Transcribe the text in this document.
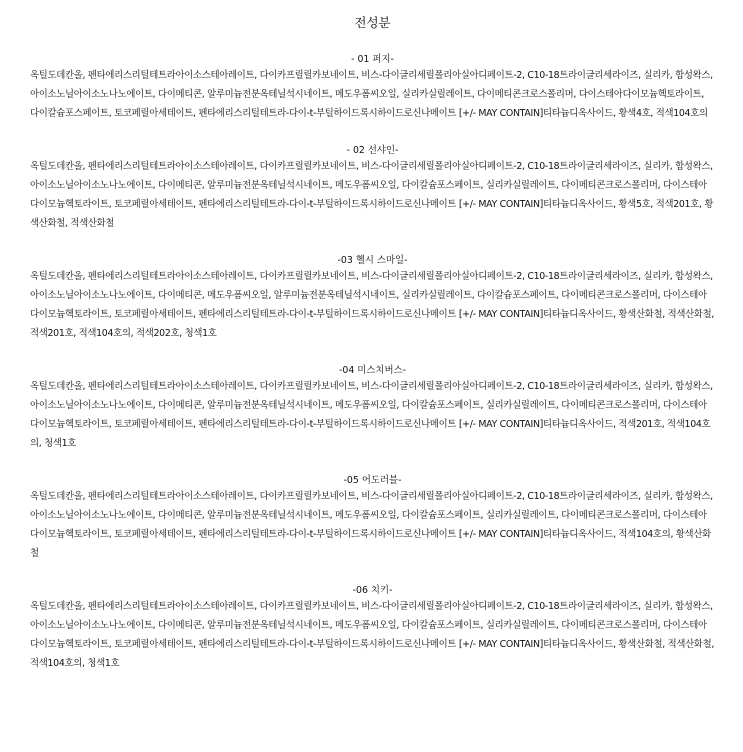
전성분
- 01 퍼지-

옥틸도데칸올, 펜타에리스리틸테트라아이소스테아레이트, 다이카프릴릴카보네이트, 비스-다이글리세릴폴리아실아디페이트-2, C10-18트라이글리세라이즈, 실리카, 합성왁스, 아이소노닐아이소노나노에이트, 다이메티콘, 알루미늄전분옥테닐석시네이트, 메도우폼씨오일, 실리카실릴레이트, 다이메티콘크로스폴리머, 다이스테아다이모늄헥토라이트, 다이칼슘포스페이트, 토코페릴아세테이트, 펜타에리스리틸테트라-다이-t-부틸하이드록시하이드로신나메이트 [+/- MAY CONTAIN]티타늄디옥사이드, 황색4호, 적색104호의

- 02 선샤인-

옥틸도데칸올, 펜타에리스리틸테트라아이소스테아레이트, 다이카프릴릴카보네이트, 비스-다이글리세릴폴리아실아디페이트-2, C10-18트라이글리세라이즈, 실리카, 합성왁스, 아이소노닐아이소노나노에이트, 다이메티콘, 알루미늄전분옥테닐석시네이트, 메도우폼씨오일, 다이칼슘포스페이트, 실리카실릴레이트, 다이메티콘크로스폴리머, 다이스테아다이모늄헥토라이트, 토코페릴아세테이트, 펜타에리스리틸테트라-다이-t-부틸하이드록시하이드로신나메이트 [+/- MAY CONTAIN]티타늄디옥사이드, 황색5호, 적색201호, 황색산화철, 적색산화철

-03 헬시 스마일-

옥틸도데칸올, 펜타에리스리틸테트라아이소스테아레이트, 다이카프릴릴카보네이트, 비스-다이글리세릴폴리아실아디페이트-2, C10-18트라이글리세라이즈, 실리카, 합성왁스, 아이소노닐아이소노나노에이트, 다이메티콘, 메도우폼씨오일, 알루미늄전분옥테닐석시네이트, 실리카실릴레이트, 다이칼슘포스페이트, 다이메티콘크로스폴리머, 다이스테아다이모늄헥토라이트, 토코페릴아세테이트, 펜타에리스리틸테트라-다이-t-부틸하이드록시하이드로신나메이트 [+/- MAY CONTAIN]티타늄디옥사이드, 황색산화철, 적색산화철, 적색201호, 적색104호의, 적색202호, 청색1호

-04 미스치버스-

옥틸도데칸올, 펜타에리스리틸테트라아이소스테아레이트, 다이카프릴릴카보네이트, 비스-다이글리세릴폴리아실아디페이트-2, C10-18트라이글리세라이즈, 실리카, 합성왁스, 아이소노닐아이소노나노에이트, 다이메티콘, 알루미늄전분옥테닐석시네이트, 메도우폼씨오일, 다이칼슘포스페이트, 실리카실릴레이트, 다이메티콘크로스폴리머, 다이스테아다이모늄헥토라이트, 토코페릴아세테이트, 펜타에리스리틸테트라-다이-t-부틸하이드록시하이드로신나메이트 [+/- MAY CONTAIN]티타늄디옥사이드, 적색201호, 적색104호의, 청색1호

-05 어도러블-

옥틸도데칸올, 펜타에리스리틸테트라아이소스테아레이트, 다이카프릴릴카보네이트, 비스-다이글리세릴폴리아실아디페이트-2, C10-18트라이글리세라이즈, 실리카, 합성왁스, 아이소노닐아이소노나노에이트, 다이메티콘, 알루미늄전분옥테닐석시네이트, 메도우폼씨오일, 다이칼슘포스페이트, 실리카실릴레이트, 다이메티콘크로스폴리머, 다이스테아다이모늄헥토라이트, 토코페릴아세테이트, 펜타에리스리틸테트라-다이-t-부틸하이드록시하이드로신나메이트 [+/- MAY CONTAIN]티타늄디옥사이드, 적색104호의, 황색산화철

-06 치키-

옥틸도데칸올, 펜타에리스리틸테트라아이소스테아레이트, 다이카프릴릴카보네이트, 비스-다이글리세릴폴리아실아디페이트-2, C10-18트라이글리세라이즈, 실리카, 합성왁스, 아이소노닐아이소노나노에이트, 다이메티콘, 알루미늄전분옥테닐석시네이트, 메도우폼씨오일, 다이칼슘포스페이트, 실리카실릴레이트, 다이메티콘크로스폴리머, 다이스테아다이모늄헥토라이트, 토코페릴아세테이트, 펜타에리스리틸테트라-다이-t-부틸하이드록시하이드로신나메이트 [+/- MAY CONTAIN]티타늄디옥사이드, 황색산화철, 적색산화철, 적색104호의, 청색1호
